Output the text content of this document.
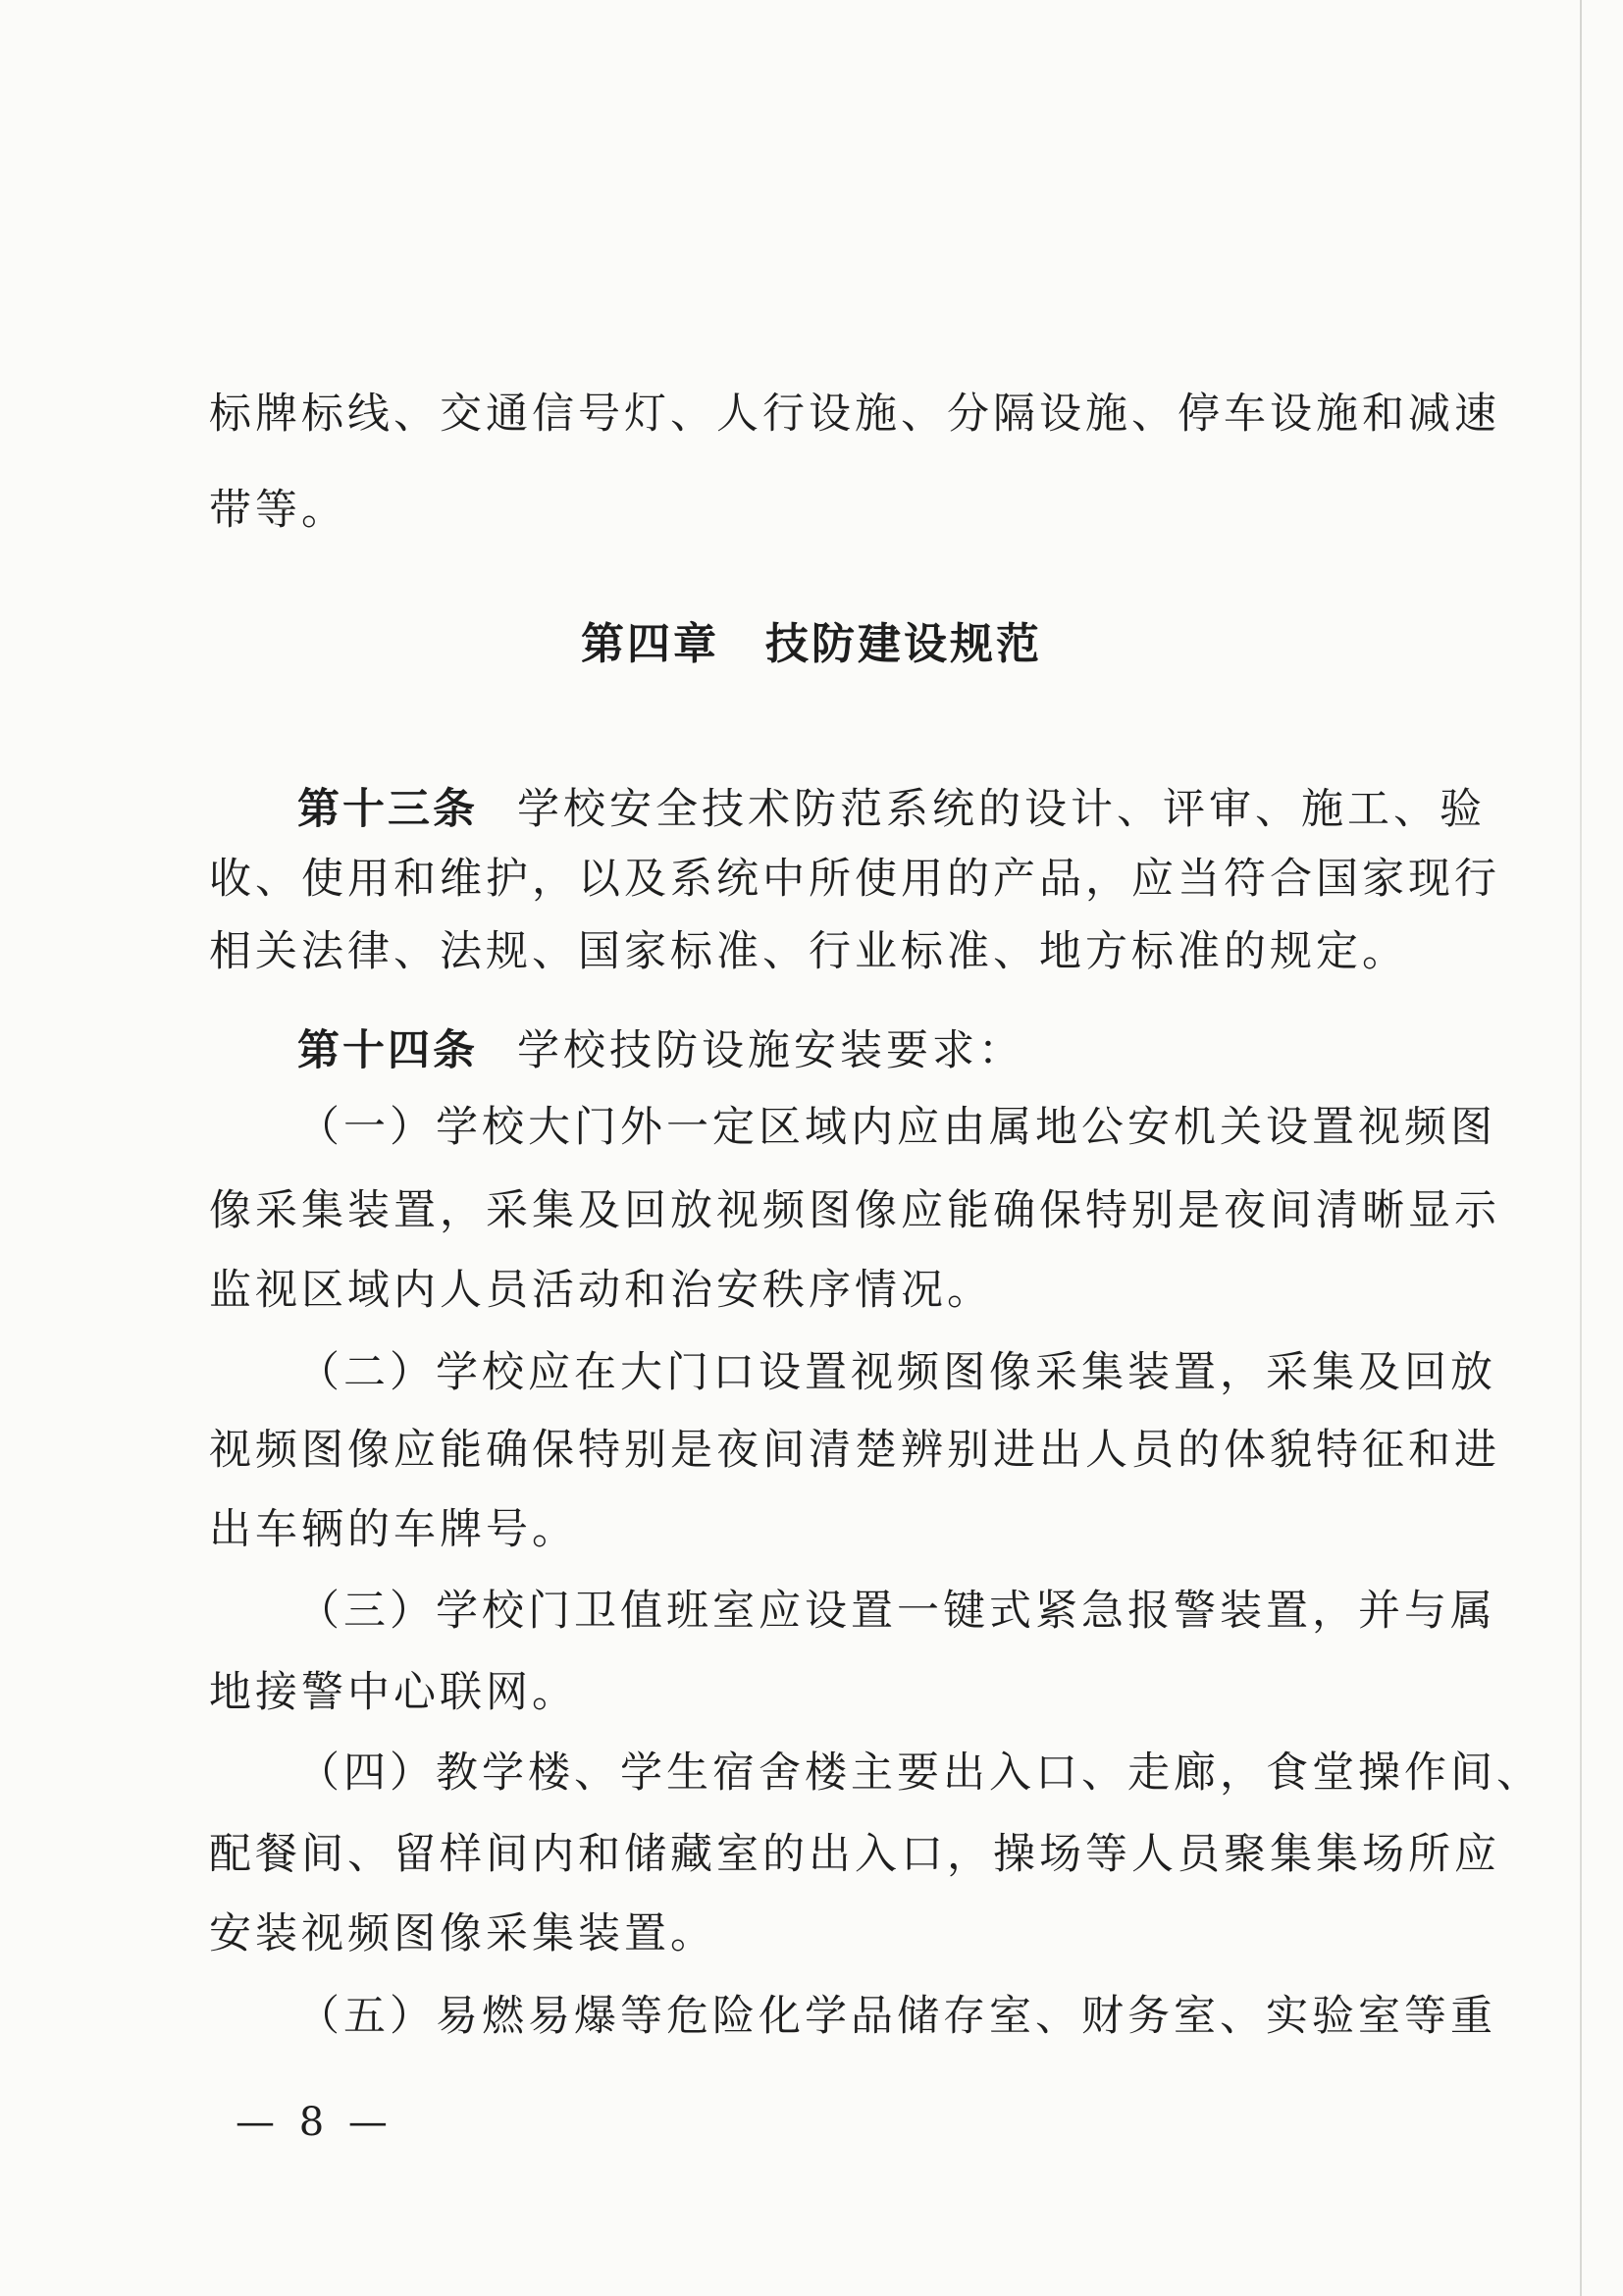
标牌标线、交通信号灯、人行设施、分隔设施、停车设施和减速
带等。
第四章　技防建设规范
第十三条 学校安全技术防范系统的设计、评审、施工、验
收、使用和维护，以及系统中所使用的产品，应当符合国家现行
相关法律、法规、国家标准、行业标准、地方标准的规定。
第十四条 学校技防设施安装要求：
（一）学校大门外一定区域内应由属地公安机关设置视频图
像采集装置，采集及回放视频图像应能确保特别是夜间清晰显示
监视区域内人员活动和治安秩序情况。
（二）学校应在大门口设置视频图像采集装置，采集及回放
视频图像应能确保特别是夜间清楚辨别进出人员的体貌特征和进
出车辆的车牌号。
（三）学校门卫值班室应设置一键式紧急报警装置，并与属
地接警中心联网。
（四）教学楼、学生宿舍楼主要出入口、走廊，食堂操作间、
配餐间、留样间内和储藏室的出入口，操场等人员聚集集场所应
安装视频图像采集装置。
（五）易燃易爆等危险化学品储存室、财务室、实验室等重
— 8 —
